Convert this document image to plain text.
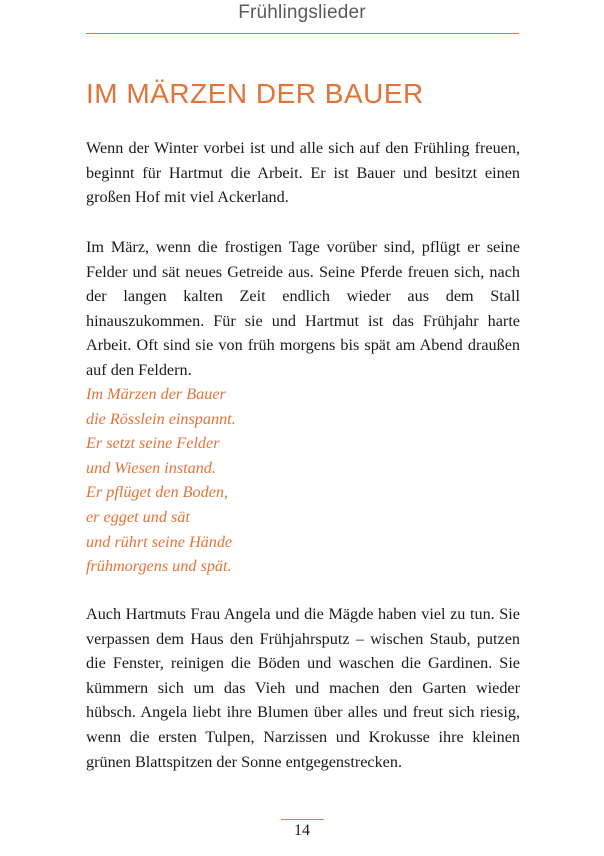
Frühlingslieder
IM MÄRZEN DER BAUER

Wenn der Winter vorbei ist und alle sich auf den Frühling freuen, beginnt für Hartmut die Arbeit. Er ist Bauer und besitzt einen großen Hof mit viel Ackerland.

Im März, wenn die frostigen Tage vorüber sind, pflügt er seine Felder und sät neues Getreide aus. Seine Pferde freuen sich, nach der langen kalten Zeit endlich wieder aus dem Stall hinauszukommen. Für sie und Hartmut ist das Frühjahr harte Arbeit. Oft sind sie von früh morgens bis spät am Abend draußen auf den Feldern.

Im Märzen der Bauer
die Rösslein einspannt.
Er setzt seine Felder
und Wiesen instand.
Er pflüget den Boden,
er egget und sät
und rührt seine Hände
frühmorgens und spät.

Auch Hartmuts Frau Angela und die Mägde haben viel zu tun. Sie verpassen dem Haus den Frühjahrsputz – wischen Staub, putzen die Fenster, reinigen die Böden und waschen die Gardinen. Sie kümmern sich um das Vieh und machen den Garten wieder hübsch. Angela liebt ihre Blumen über alles und freut sich riesig, wenn die ersten Tulpen, Narzissen und Krokusse ihre kleinen grünen Blattspitzen der Sonne entgegenstrecken.

14
